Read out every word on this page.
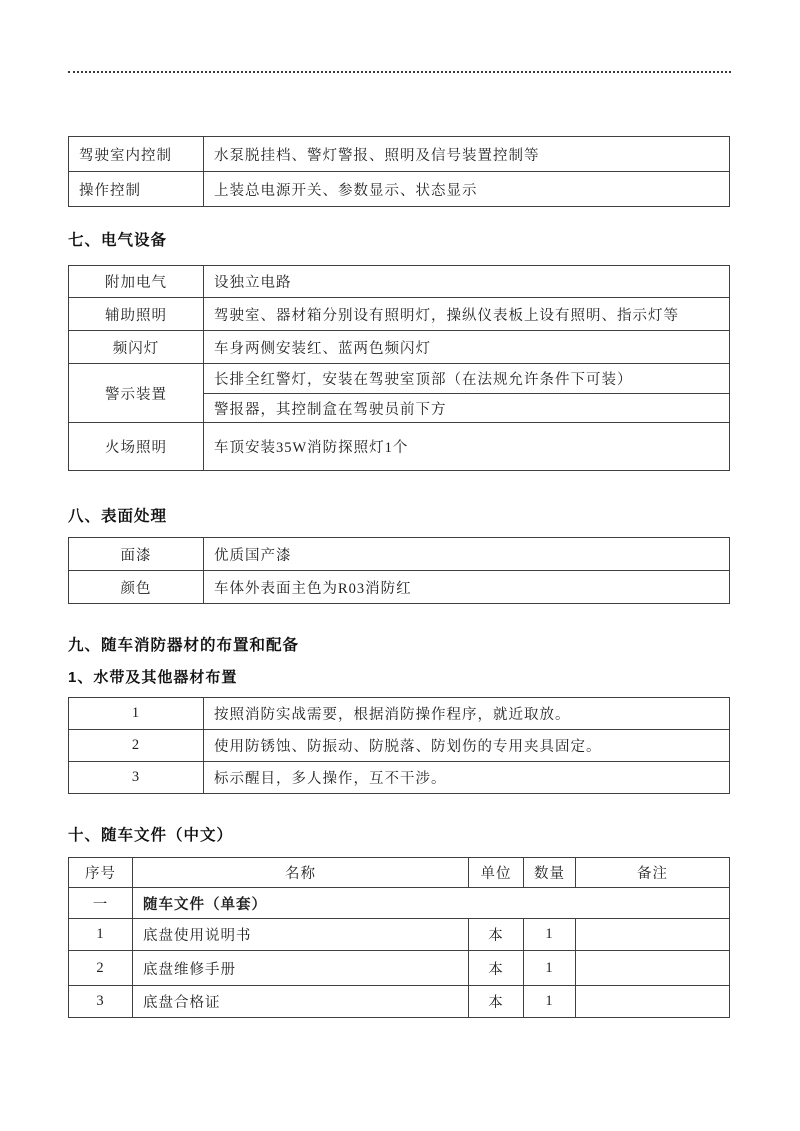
驾驶室内控制	水泵脱挂档、警灯警报、照明及信号装置控制等
操作控制	上装总电源开关、参数显示、状态显示
七、电气设备
附加电气	设独立电路
辅助照明	驾驶室、器材箱分别设有照明灯，操纵仪表板上设有照明、指示灯等
频闪灯	车身两侧安装红、蓝两色频闪灯
警示装置	长排全红警灯，安装在驾驶室顶部（在法规允许条件下可装）
	警报器，其控制盒在驾驶员前下方
火场照明	车顶安装35W消防探照灯1个
八、表面处理
面漆	优质国产漆
颜色	车体外表面主色为R03消防红
九、随车消防器材的布置和配备
1、水带及其他器材布置
1	按照消防实战需要，根据消防操作程序，就近取放。
2	使用防锈蚀、防振动、防脱落、防划伤的专用夹具固定。
3	标示醒目，多人操作，互不干涉。
十、随车文件（中文）
序号	名称	单位	数量	备注
一	随车文件（单套）			
1	底盘使用说明书	本	1	
2	底盘维修手册	本	1	
3	底盘合格证	本	1	
